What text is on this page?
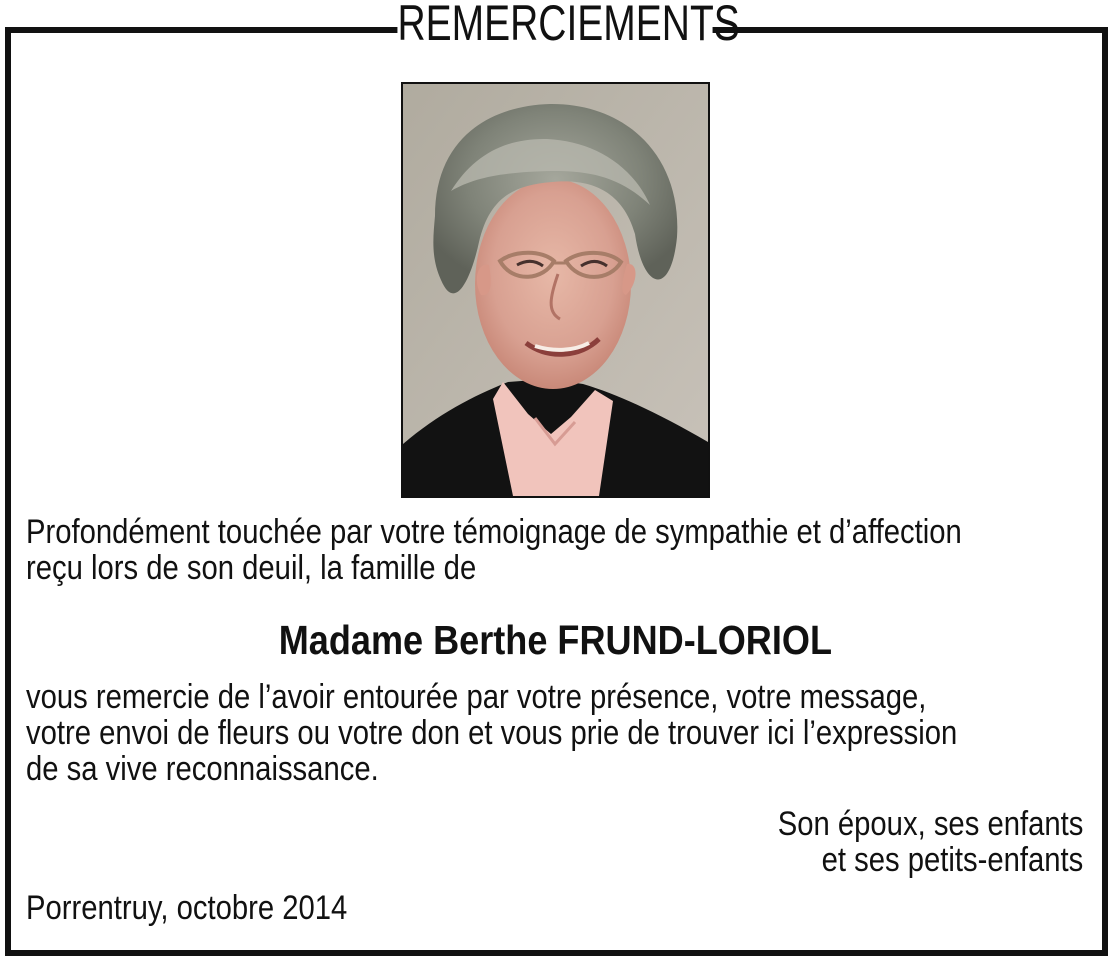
REMERCIEMENTS
Profondément touchée par votre témoignage de sympathie et d’affection
reçu lors de son deuil, la famille de
Madame Berthe FRUND-LORIOL
vous remercie de l’avoir entourée par votre présence, votre message,
votre envoi de fleurs ou votre don et vous prie de trouver ici l’expression
de sa vive reconnaissance.
Son époux, ses enfants
et ses petits-enfants
Porrentruy, octobre 2014
